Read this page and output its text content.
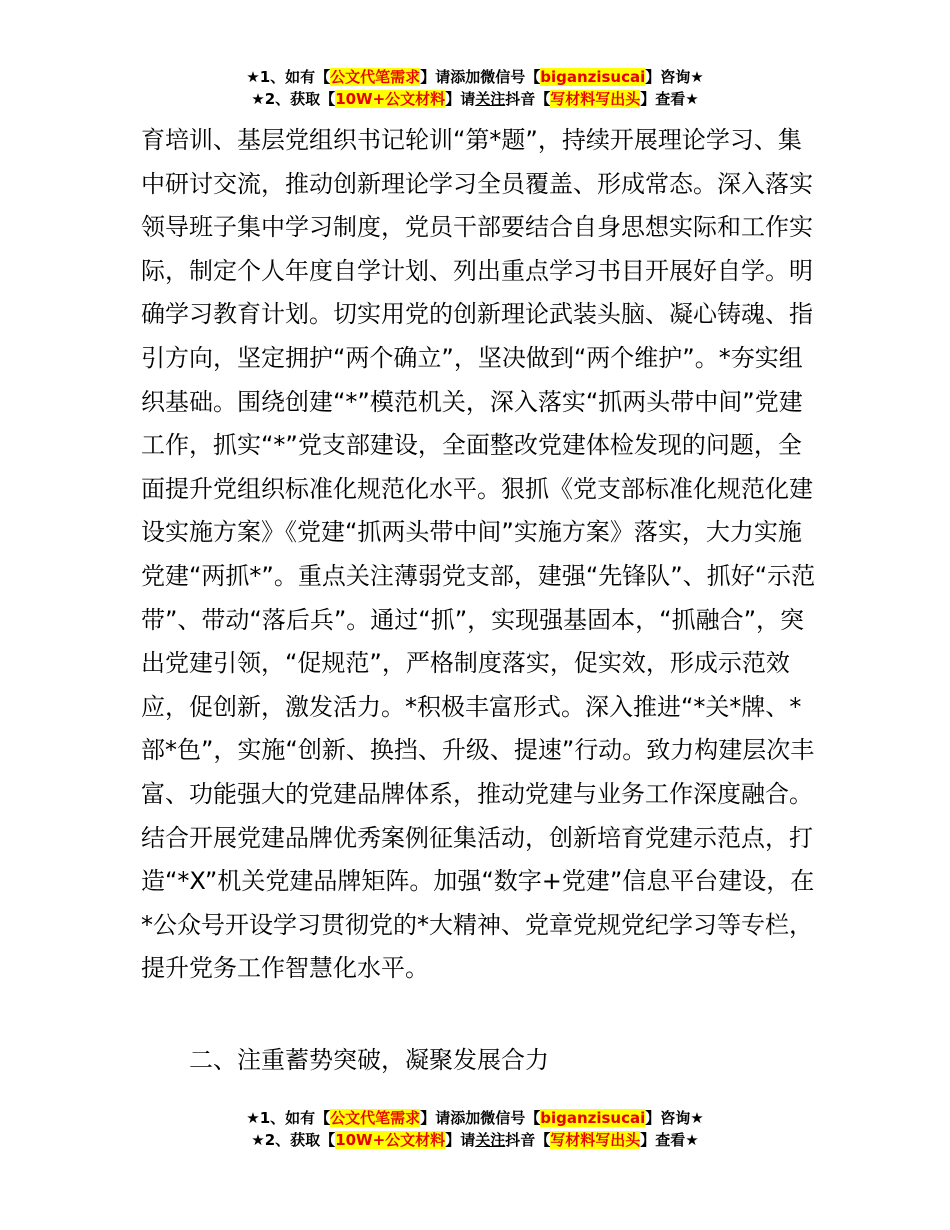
★1、如有【公文代笔需求】请添加微信号【biganzisucai】咨询★
★2、获取【10W+公文材料】请关注抖音【写材料写出头】查看★

育培训、基层党组织书记轮训“第*题”，持续开展理论学习、集中研讨交流，推动创新理论学习全员覆盖、形成常态。深入落实领导班子集中学习制度，党员干部要结合自身思想实际和工作实际，制定个人年度自学计划、列出重点学习书目开展好自学。明确学习教育计划。切实用党的创新理论武装头脑、凝心铸魂、指引方向，坚定拥护“两个确立”，坚决做到“两个维护”。*夯实组织基础。围绕创建“*”模范机关，深入落实“抓两头带中间”党建工作，抓实“*”党支部建设，全面整改党建体检发现的问题，全面提升党组织标准化规范化水平。狠抓《党支部标准化规范化建设实施方案》《党建“抓两头带中间”实施方案》落实，大力实施党建“两抓*”。重点关注薄弱党支部，建强“先锋队”、抓好“示范带”、带动“落后兵”。通过“抓”，实现强基固本，“抓融合”，突出党建引领，“促规范”，严格制度落实，促实效，形成示范效应，促创新，激发活力。*积极丰富形式。深入推进“*关*牌、*部*色”，实施“创新、换挡、升级、提速”行动。致力构建层次丰富、功能强大的党建品牌体系，推动党建与业务工作深度融合。结合开展党建品牌优秀案例征集活动，创新培育党建示范点，打造“*X”机关党建品牌矩阵。加强“数字+党建”信息平台建设，在*公众号开设学习贯彻党的*大精神、党章党规党纪学习等专栏，提升党务工作智慧化水平。

二、注重蓄势突破，凝聚发展合力
★1、如有【公文代笔需求】请添加微信号【biganzisucai】咨询★
★2、获取【10W+公文材料】请关注抖音【写材料写出头】查看★
